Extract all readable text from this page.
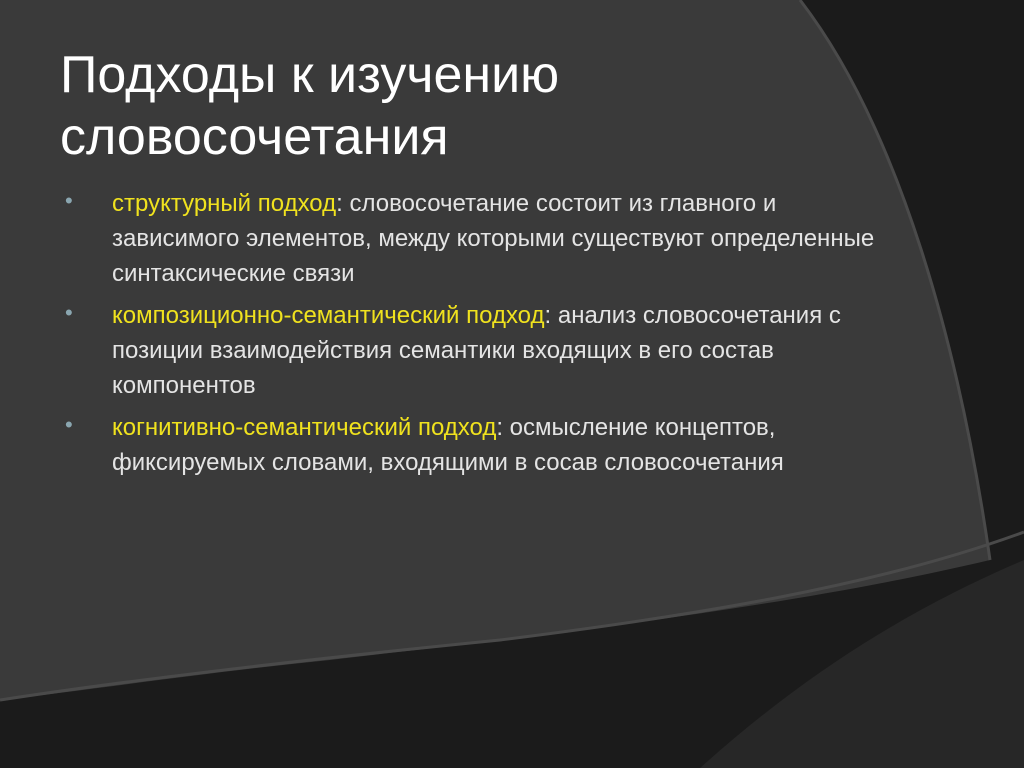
Подходы к изучению
словосочетания
• структурный подход: словосочетание состоит из главного и зависимого элементов, между которыми существуют определенные синтаксические связи
• композиционно-семантический подход: анализ словосочетания с позиции взаимодействия семантики входящих в его состав компонентов
• когнитивно-семантический подход: осмысление концептов, фиксируемых словами, входящими в сосав словосочетания
